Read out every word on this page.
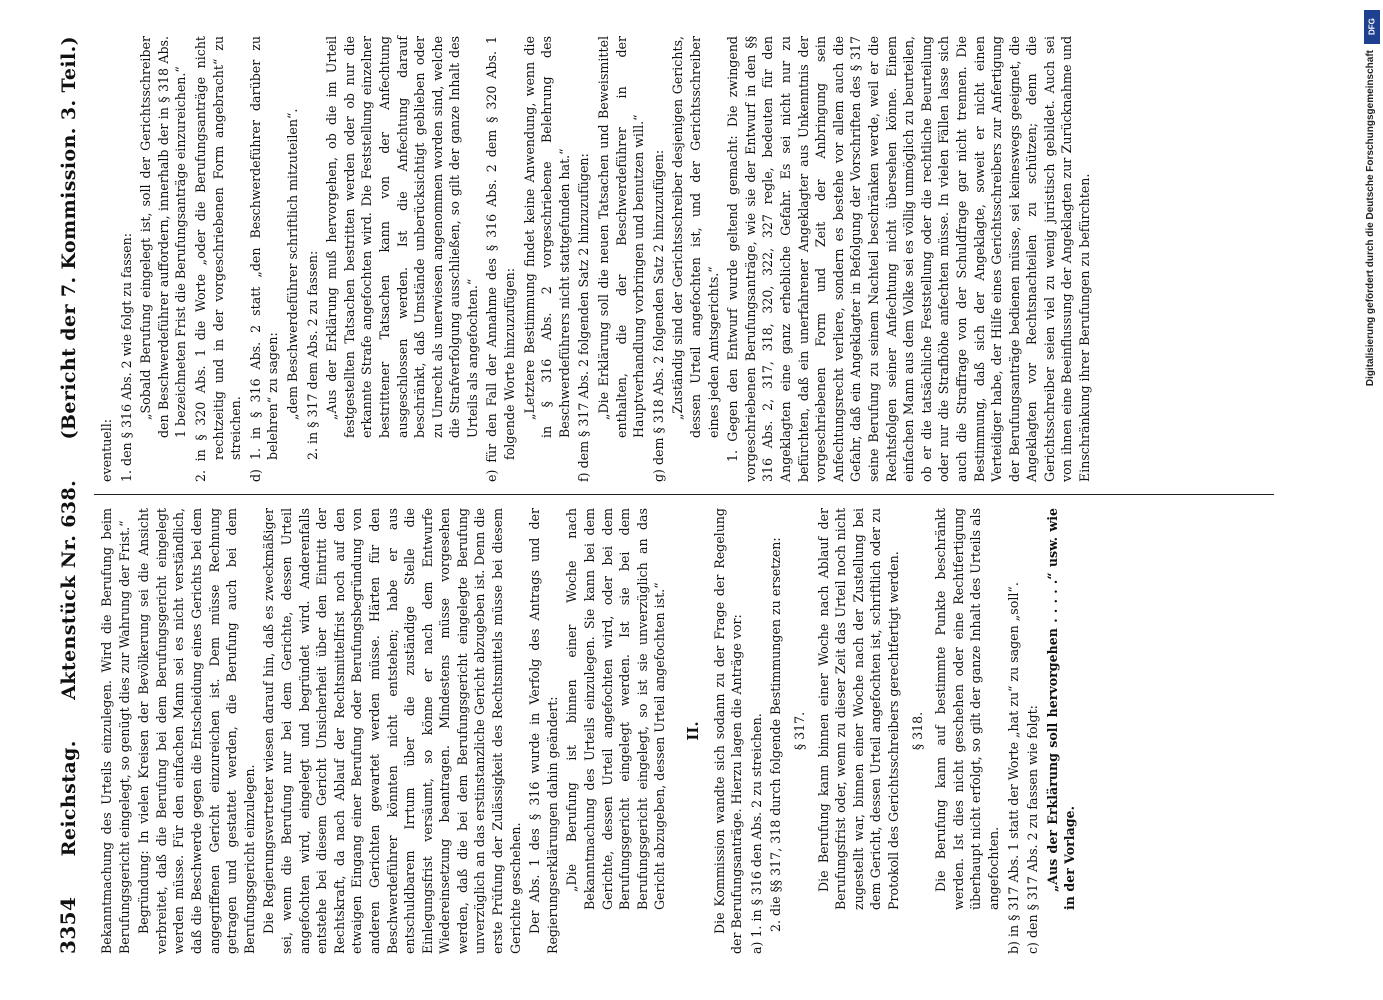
3354
Reichstag.
Aktenstück Nr. 638.
(Bericht der 7. Kommission. 3. Teil.)

Bekanntmachung des Urteils einzulegen. Wird die Berufung beim Berufungsgericht eingelegt, so genügt dies zur Wahrung der Frist.“ Begründung: In vielen Kreisen der Bevölkerung sei die Ansicht verbreitet, daß die Berufung bei dem Berufungsgericht eingelegt werden müsse. Für den einfachen Mann sei es nicht verständlich, daß die Beschwerde gegen die Entscheidung eines Gerichts bei dem angegriffenen Gericht einzureichen ist. Dem müsse Rechnung getragen und gestattet werden, die Berufung auch bei dem Berufungsgericht einzulegen. Die Regierungsvertreter wiesen darauf hin, daß es zweckmäßiger sei, wenn die Berufung nur bei dem Gerichte, dessen Urteil angefochten wird, eingelegt und begründet wird. Anderenfalls entstehe bei diesem Gericht Unsicherheit über den Eintritt der Rechtskraft, da nach Ablauf der Rechtsmittelfrist noch auf den etwaigen Eingang einer Berufung oder Berufungsbegründung von anderen Gerichten gewartet werden müsse. Härten für den Beschwerdeführer könnten nicht entstehen; habe er aus entschuldbarem Irrtum über die zuständige Stelle die Einlegungsfrist versäumt, so könne er nach dem Entwurfe Wiedereinsetzung beantragen. Mindestens müsse vorgesehen werden, daß die bei dem Berufungsgericht eingelegte Berufung unverzüglich an das erstinstanzliche Gericht abzugeben ist. Denn die erste Prüfung der Zulässigkeit des Rechtsmittels müsse bei diesem Gerichte geschehen. Der Abs. 1 des § 316 wurde in Verfolg des Antrags und der Regierungserklärungen dahin geändert: „Die Berufung ist binnen einer Woche nach Bekanntmachung des Urteils einzulegen. Sie kann bei dem Gerichte, dessen Urteil angefochten wird, oder bei dem Berufungsgericht eingelegt werden. Ist sie bei dem Berufungsgericht eingelegt, so ist sie unverzüglich an das Gericht abzugeben, dessen Urteil angefochten ist.“ II. Die Kommission wandte sich sodann zu der Frage der Regelung der Berufungsanträge. Hierzu lagen die Anträge vor: a) 1. in § 316 den Abs. 2 zu streichen. 2. die §§ 317, 318 durch folgende Bestimmungen zu ersetzen: § 317. Die Berufung kann binnen einer Woche nach Ablauf der Berufungsfrist oder, wenn zu dieser Zeit das Urteil noch nicht zugestellt war, binnen einer Woche nach der Zustellung bei dem Gericht, dessen Urteil angefochten ist, schriftlich oder zu Protokoll des Gerichtsschreibers gerechtfertigt werden. § 318. Die Berufung kann auf bestimmte Punkte beschränkt werden. Ist dies nicht geschehen oder eine Rechtfertigung überhaupt nicht erfolgt, so gilt der ganze Inhalt des Urteils als angefochten. b) in § 317 Abs. 1 statt der Worte „hat zu“ zu sagen „soll“. c) den § 317 Abs. 2 zu fassen wie folgt: „Aus der Erklärung soll hervorgehen . . . . .“ usw. wie in der Vorlage.

eventuell: 1. den § 316 Abs. 2 wie folgt zu fassen: „Sobald Berufung eingelegt ist, soll der Gerichtsschreiber den Beschwerdeführer auffordern, innerhalb der in § 318 Abs. 1 bezeichneten Frist die Berufungsanträge einzureichen.“ 2. in § 320 Abs. 1 die Worte „oder die Berufungsanträge nicht rechtzeitig und in der vorgeschriebenen Form angebracht“ zu streichen. d) 1. in § 316 Abs. 2 statt „den Beschwerdeführer darüber zu belehren“ zu sagen: „dem Beschwerdeführer schriftlich mitzuteilen“. 2. in § 317 dem Abs. 2 zu fassen: „Aus der Erklärung muß hervorgehen, ob die im Urteil festgestellten Tatsachen bestritten werden oder ob nur die erkannte Strafe angefochten wird. Die Feststellung einzelner bestrittener Tatsachen kann von der Anfechtung ausgeschlossen werden. Ist die Anfechtung darauf beschränkt, daß Umstände unberücksichtigt geblieben oder zu Unrecht als unerwiesen angenommen worden sind, welche die Strafverfolgung ausschließen, so gilt der ganze Inhalt des Urteils als angefochten.“ e) für den Fall der Annahme des § 316 Abs. 2 dem § 320 Abs. 1 folgende Worte hinzuzufügen: „Letztere Bestimmung findet keine Anwendung, wenn die in § 316 Abs. 2 vorgeschriebene Belehrung des Beschwerdeführers nicht stattgefunden hat.“ f) dem § 317 Abs. 2 folgenden Satz 2 hinzuzufügen: „Die Erklärung soll die neuen Tatsachen und Beweismittel enthalten, die der Beschwerdeführer in der Hauptverhandlung vorbringen und benutzen will.“ g) dem § 318 Abs. 2 folgenden Satz 2 hinzuzufügen: „Zuständig sind der Gerichtsschreiber desjenigen Gerichts, dessen Urteil angefochten ist, und der Gerichtsschreiber eines jeden Amtsgerichts.“ 1. Gegen den Entwurf wurde geltend gemacht: Die zwingend vorgeschriebenen Berufungsanträge, wie sie der Entwurf in den §§ 316 Abs. 2, 317, 318, 320, 322, 327 regle, bedeuten für den Angeklagten eine ganz erhebliche Gefahr. Es sei nicht nur zu befürchten, daß ein unerfahrener Angeklagter aus Unkenntnis der vorgeschriebenen Form und Zeit der Anbringung sein Anfechtungsrecht verliere, sondern es bestehe vor allem auch die Gefahr, daß ein Angeklagter in Befolgung der Vorschriften des § 317 seine Berufung zu seinem Nachteil beschränken werde, weil er die Rechtsfolgen seiner Anfechtung nicht übersehen könne. Einem einfachen Mann aus dem Volke sei es völlig unmöglich zu beurteilen, ob er die tatsächliche Feststellung oder die rechtliche Beurteilung oder nur die Strafhöhe anfechten müsse. In vielen Fällen lasse sich auch die Straffrage von der Schuldfrage gar nicht trennen. Die Bestimmung, daß sich der Angeklagte, soweit er nicht einen Verteidiger habe, der Hilfe eines Gerichtsschreibers zur Anfertigung der Berufungsanträge bedienen müsse, sei keineswegs geeignet, die Angeklagten vor Rechtsnachteilen zu schützen; denn die Gerichtsschreiber seien viel zu wenig juristisch gebildet. Auch sei von ihnen eine Beeinflussung der Angeklagten zur Zurücknahme und Einschränkung ihrer Berufungen zu befürchten.

DFG
Digitalisierung gefördert durch die Deutsche Forschungsgemeinschaft
